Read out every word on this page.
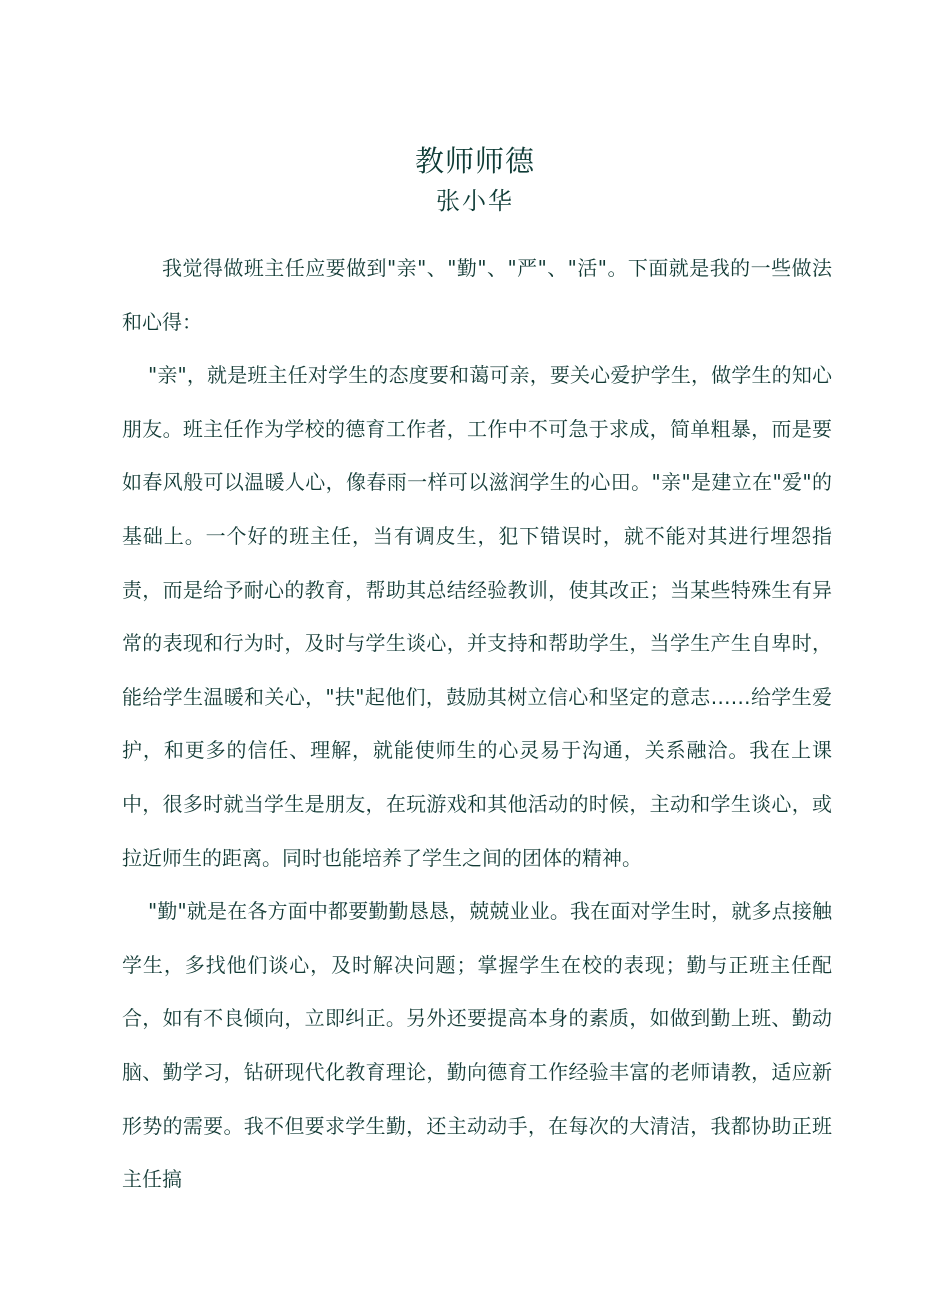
教师师德
张小华

我觉得做班主任应要做到"亲"、"勤"、"严"、"活"。下面就是我的一些做法和心得：

"亲"，就是班主任对学生的态度要和蔼可亲，要关心爱护学生，做学生的知心朋友。班主任作为学校的德育工作者，工作中不可急于求成，简单粗暴，而是要如春风般可以温暖人心，像春雨一样可以滋润学生的心田。"亲"是建立在"爱"的基础上。一个好的班主任，当有调皮生，犯下错误时，就不能对其进行埋怨指责，而是给予耐心的教育，帮助其总结经验教训，使其改正；当某些特殊生有异常的表现和行为时，及时与学生谈心，并支持和帮助学生，当学生产生自卑时，能给学生温暖和关心，"扶"起他们，鼓励其树立信心和坚定的意志……给学生爱护，和更多的信任、理解，就能使师生的心灵易于沟通，关系融洽。我在上课中，很多时就当学生是朋友，在玩游戏和其他活动的时候，主动和学生谈心，或拉近师生的距离。同时也能培养了学生之间的团体的精神。

"勤"就是在各方面中都要勤勤恳恳，兢兢业业。我在面对学生时，就多点接触学生，多找他们谈心，及时解决问题；掌握学生在校的表现；勤与正班主任配合，如有不良倾向，立即纠正。另外还要提高本身的素质，如做到勤上班、勤动脑、勤学习，钻研现代化教育理论，勤向德育工作经验丰富的老师请教，适应新形势的需要。我不但要求学生勤，还主动动手，在每次的大清洁，我都协助正班主任搞
